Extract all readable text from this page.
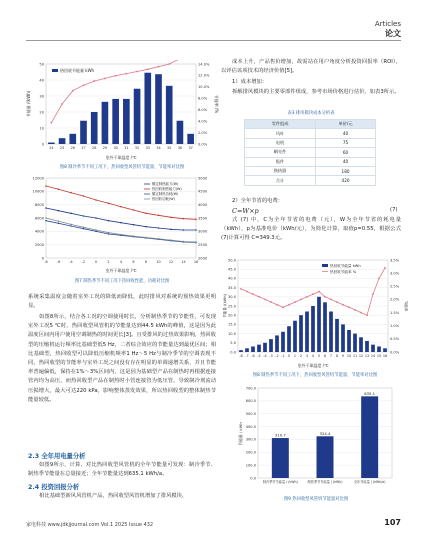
Articles
论文
0
10
20
30
40
50
0.0%
2.0%
4.0%
6.0%
8.0%
10.0%
12.0%
14.0%
24 25 26 27 28 29 30 31 32 33 34 35 36 37
热回收节能量 kWh
室外干球温度 /℃
节能量 /(kWh)	节能率 /%
图8 制冷季节不同工况下，热回收型风管机节能量、节能率对比图
0
2000
4000
6000
8000
10000
12000
2000
2500
3000
3500
4000
4500
5000
-8	-6	-4	-2	0	2	4	6	8	10 12 14 16
额定制热能力(W)
热回收制热能力(W)
额定制热功耗(W)
热回收功耗(W)
室外干球温度 /℃
图7 制热季节不同工况下热回收性能、功耗对比图
系统采集温度会随着室外工况的降低而降低，此时排风对系统的预热效果更明显。
如图8所示，结合各工况的空调使用时长，分析制热季节的节能性，可发现室外工况5 ℃时，热回收型风管机的节能量达到44.5 kWh的峰值，这是因为此温度区间内用户使用空调制热的时间更长[3]。且受排风的过热效果影响，热回收型的压缩机运行频率比基础型低5 Hz，二者综合效应的节能量达到最优区间；相比基础型，热回收型可以降低压缩机频率1 Hz～5 Hz与制冷季节的空调表现不同，热回收型的节能率与室外工况之间没有存在明显的单调递增关系，并且节能率普遍偏低，保持在1%～3%区间内，这是因为基础型产品在制热时再根据连接管内均为高压，而热回收型产品在制热时小管连接管为低压管，导致制冷剂流动压损增大，最大可达220 kPa，影响整体蒸发效果，所以热回收型的整体制热节能量较低。
2.3 全年用电量分析
如图9所示，计算、对比热回收型风管机的全年节能量可发现：制冷季节、制热季节能量在总量接近；全年节能量达到635.1 kWh/a。
2.4 投资回报分析
相比基础型新风风管机产品，热回收型风管机增加了排风模块，
成本上升，产品售价增加，故需站在用户角度分析投资回报率（ROI），以评估该项技术的经济价值[5]。
1）成本增加：
拆解排风模块的主要零部件组成，参考市场价格进行估价，如表3所示。
表3 排风模块成本分析表
零件组成	单价/元
风叶	40
电机	75
蜗壳件	60
钣件	40
换热器	180
合计	420
2）全年节省的电费：
C=W×p	(7)
式 (7) 中，C为全年节省的电费（元），W为全年节省的耗电量（kWh），p为基准电价（kWh/元），为简化计算，取值p=0.55，根据公式(7)计算可得 C=349.3元。
0.0
5.0
10.0
15.0
20.0
25.0
30.0
35.0
40.0
45.0
50.0
0.0%
0.5%
1.0%
1.5%
2.0%
2.5%
3.0%
3.5%
-8 -7 -6 -5 -4 -3 -2 -1 0 1 2 3 4 5 6 7 8 9 10 11 12 13 14 15 16
热回收节能量 kWh
热回收节能率 %
室外干球温度 /℃
节能量 /(kWh)	节能率
图8 制热季节不同工况下，热回收型风管机节能量、节能率对比图
310.7	324.4
635.1
0.0
100.0
200.0
300.0
400.0
500.0
600.0
700.0
制冷季节节能量 / (kWh)	制热季节节能量 / (kWh)	全年节能量 / (kWh/a)
节能量 / kWh
图9 热回收型风管机节能量对比图
家电科技 www.jdkjjournal.com Vol.1 2025 Issue 432	107
